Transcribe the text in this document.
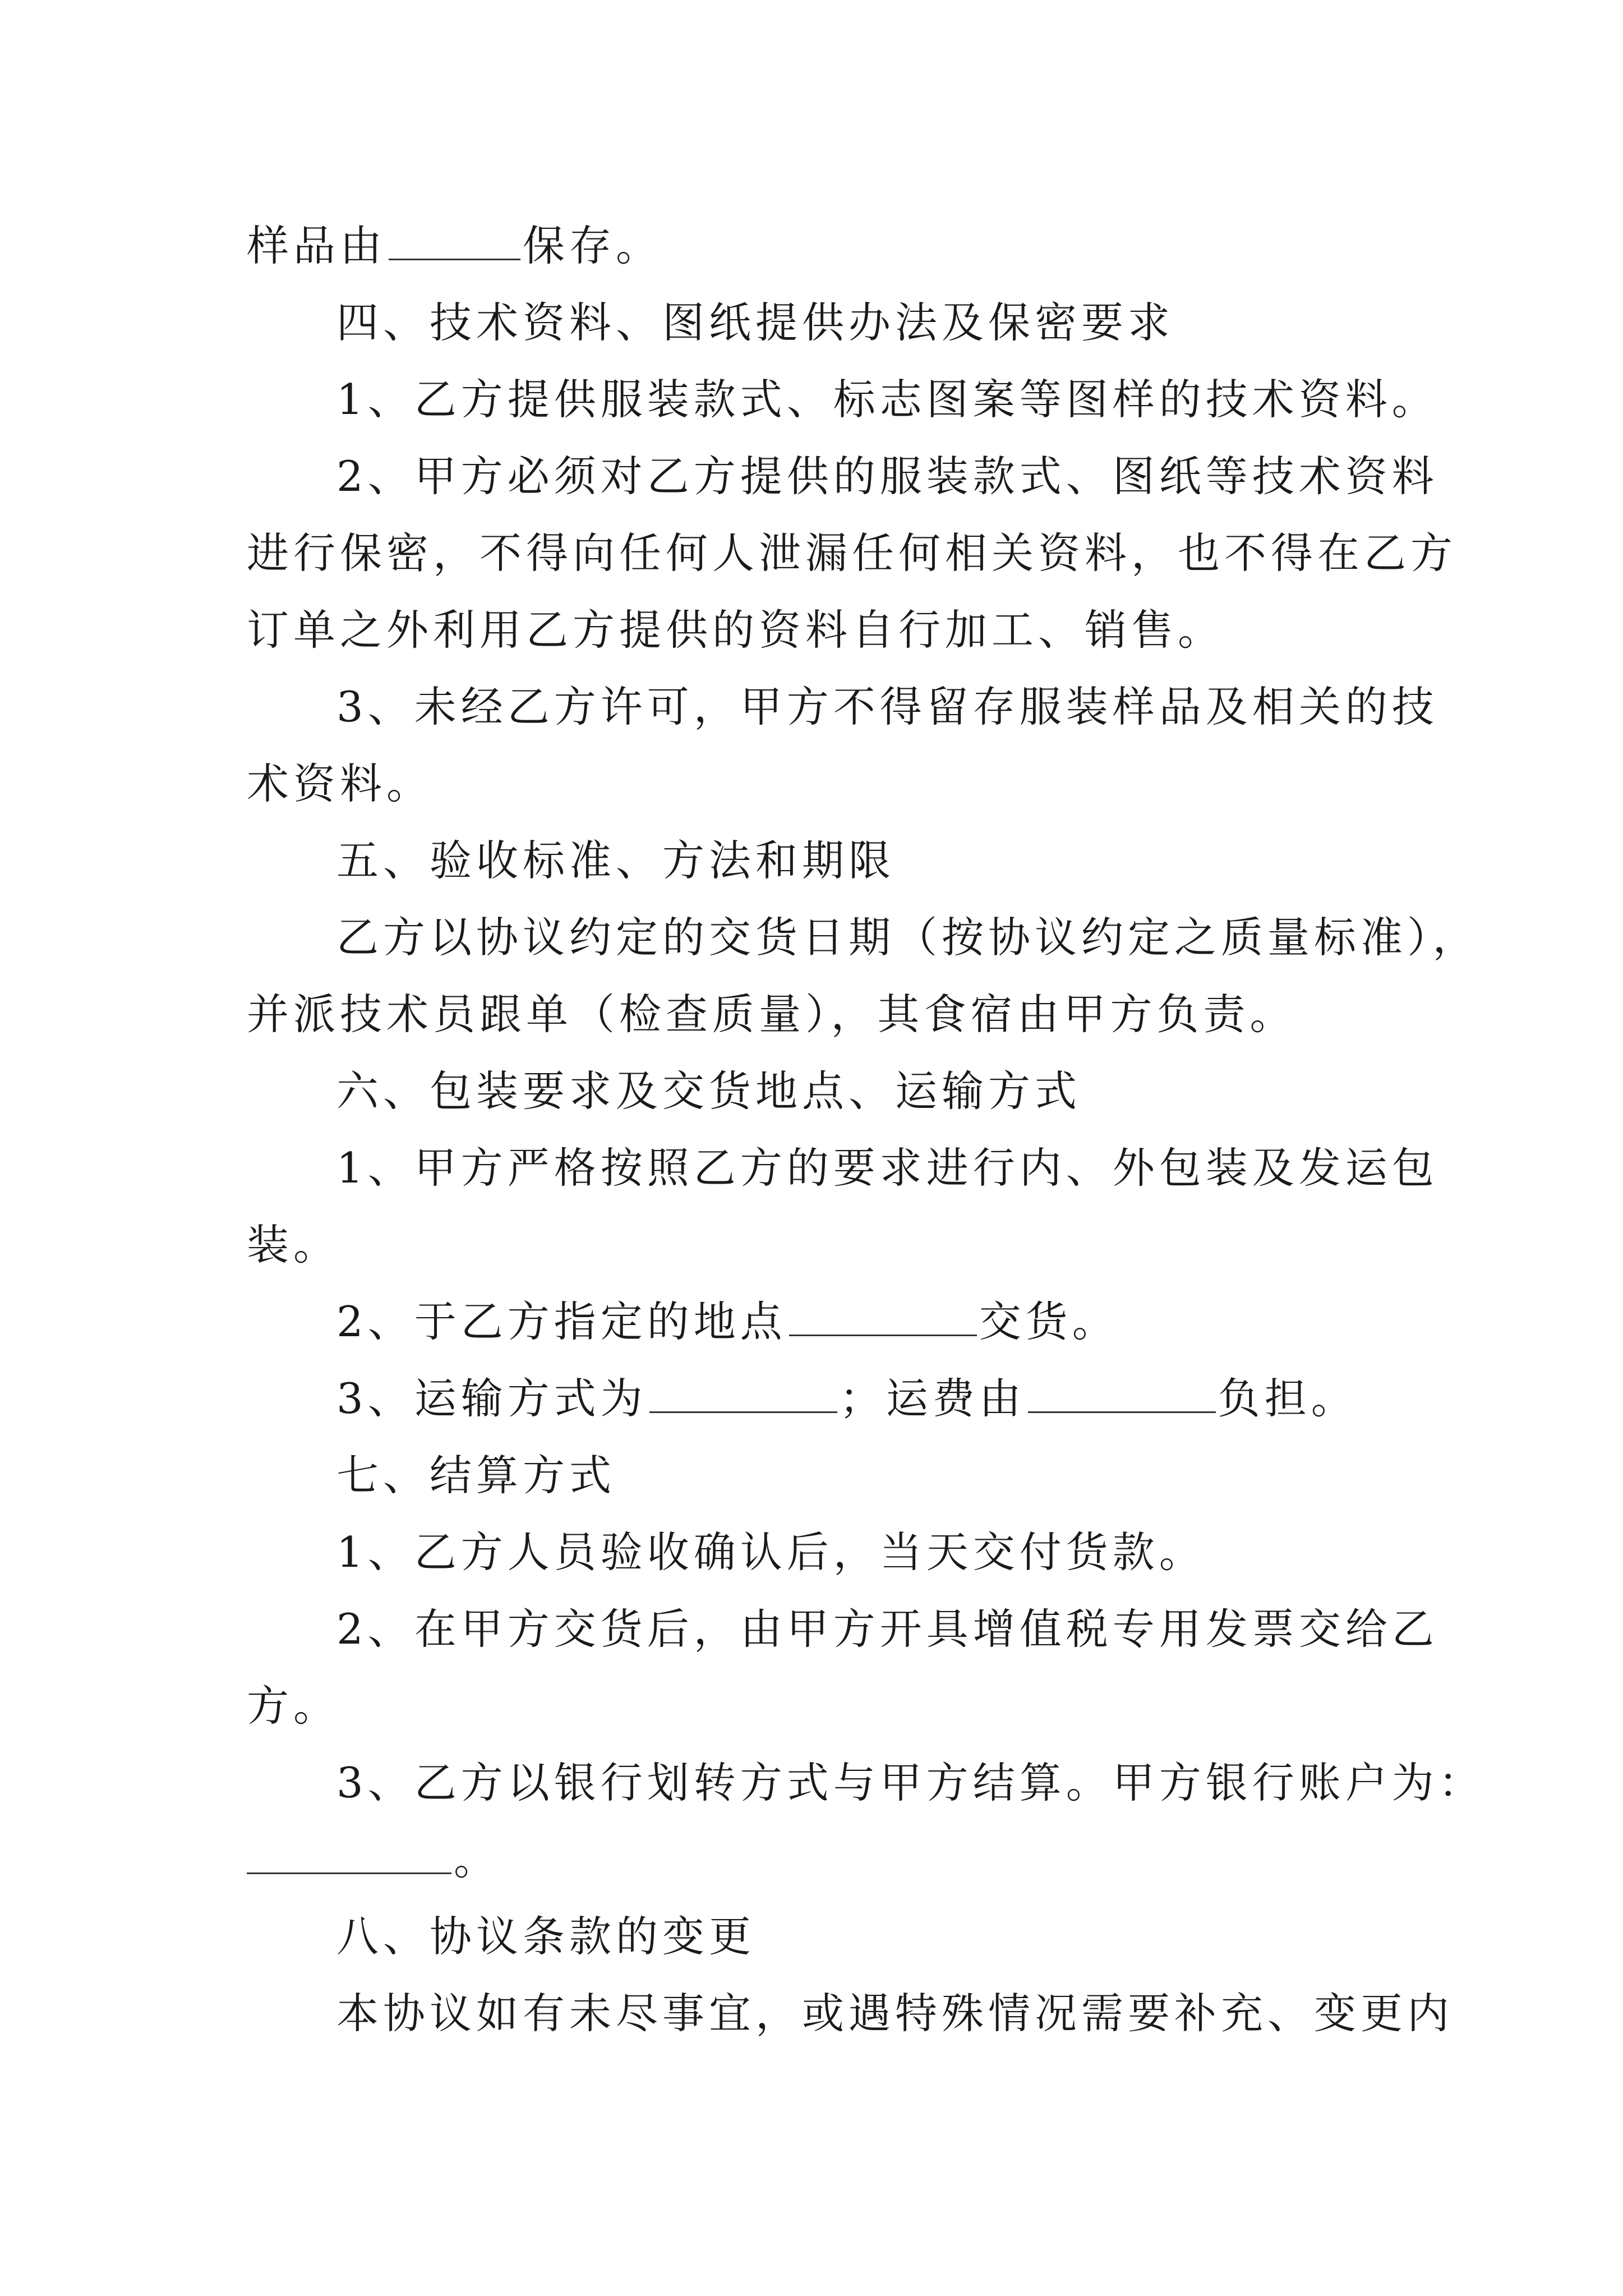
样品由	保存。
四、技术资料、图纸提供办法及保密要求
1、乙方提供服装款式、标志图案等图样的技术资料。
2、甲方必须对乙方提供的服装款式、图纸等技术资料
进行保密，不得向任何人泄漏任何相关资料，也不得在乙方
订单之外利用乙方提供的资料自行加工、销售。
3、未经乙方许可，甲方不得留存服装样品及相关的技
术资料。
五、验收标准、方法和期限
乙方以协议约定的交货日期（按协议约定之质量标准），
并派技术员跟单（检查质量），其食宿由甲方负责。
六、包装要求及交货地点、运输方式
1、甲方严格按照乙方的要求进行内、外包装及发运包
装。
2、于乙方指定的地点	交货。
3、运输方式为	；运费由	负担。
七、结算方式
1、乙方人员验收确认后，当天交付货款。
2、在甲方交货后，由甲方开具增值税专用发票交给乙
方。
3、乙方以银行划转方式与甲方结算。甲方银行账户为：
。
八、协议条款的变更
本协议如有未尽事宜，或遇特殊情况需要补充、变更内
